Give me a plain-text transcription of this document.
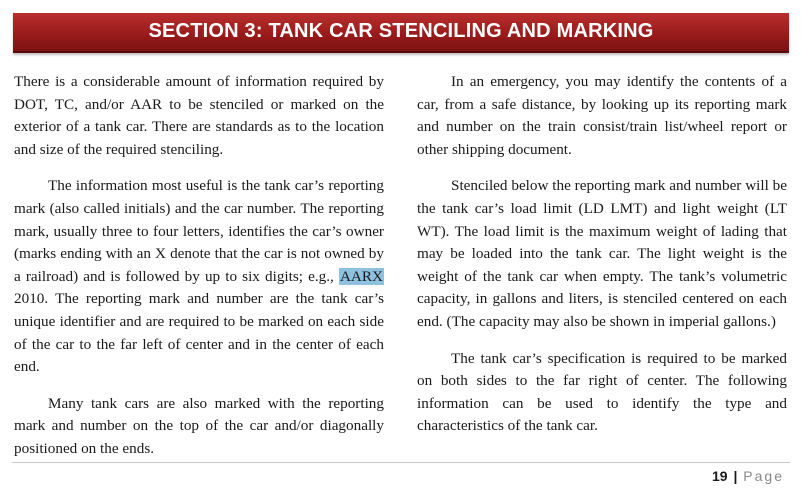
SECTION 3: TANK CAR STENCILING AND MARKING

There is a considerable amount of information required by DOT, TC, and/or AAR to be stenciled or marked on the exterior of a tank car. There are standards as to the location and size of the required stenciling.

The information most useful is the tank car’s reporting mark (also called initials) and the car number. The reporting mark, usually three to four letters, identifies the car’s owner (marks ending with an X denote that the car is not owned by a railroad) and is followed by up to six digits; e.g., AARX 2010. The reporting mark and number are the tank car’s unique identifier and are required to be marked on each side of the car to the far left of center and in the center of each end.

Many tank cars are also marked with the reporting mark and number on the top of the car and/or diagonally positioned on the ends.

In an emergency, you may identify the contents of a car, from a safe distance, by looking up its reporting mark and number on the train consist/train list/wheel report or other shipping document.

Stenciled below the reporting mark and number will be the tank car’s load limit (LD LMT) and light weight (LT WT). The load limit is the maximum weight of lading that may be loaded into the tank car. The light weight is the weight of the tank car when empty. The tank’s volumetric capacity, in gallons and liters, is stenciled centered on each end. (The capacity may also be shown in imperial gallons.)

The tank car’s specification is required to be marked on both sides to the far right of center. The following information can be used to identify the type and characteristics of the tank car.

19 | Page
